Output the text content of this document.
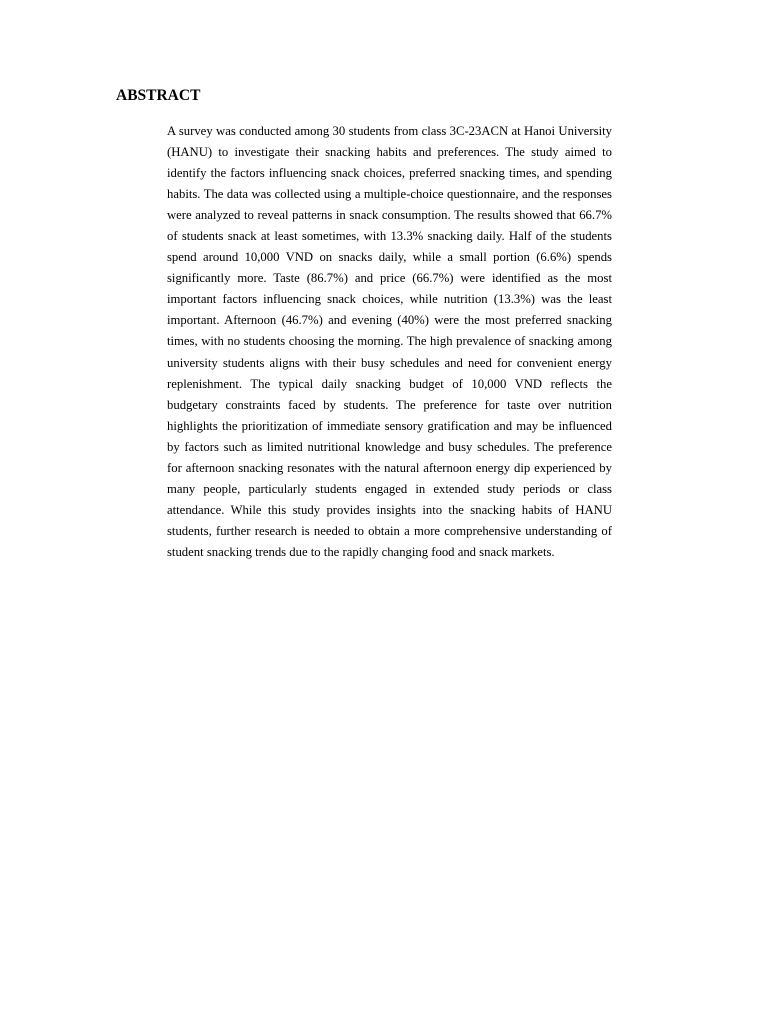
ABSTRACT

A survey was conducted among 30 students from class 3C-23ACN at Hanoi University (HANU) to investigate their snacking habits and preferences. The study aimed to identify the factors influencing snack choices, preferred snacking times, and spending habits. The data was collected using a multiple-choice questionnaire, and the responses were analyzed to reveal patterns in snack consumption. The results showed that 66.7% of students snack at least sometimes, with 13.3% snacking daily. Half of the students spend around 10,000 VND on snacks daily, while a small portion (6.6%) spends significantly more. Taste (86.7%) and price (66.7%) were identified as the most important factors influencing snack choices, while nutrition (13.3%) was the least important. Afternoon (46.7%) and evening (40%) were the most preferred snacking times, with no students choosing the morning. The high prevalence of snacking among university students aligns with their busy schedules and need for convenient energy replenishment. The typical daily snacking budget of 10,000 VND reflects the budgetary constraints faced by students. The preference for taste over nutrition highlights the prioritization of immediate sensory gratification and may be influenced by factors such as limited nutritional knowledge and busy schedules. The preference for afternoon snacking resonates with the natural afternoon energy dip experienced by many people, particularly students engaged in extended study periods or class attendance. While this study provides insights into the snacking habits of HANU students, further research is needed to obtain a more comprehensive understanding of student snacking trends due to the rapidly changing food and snack markets.
